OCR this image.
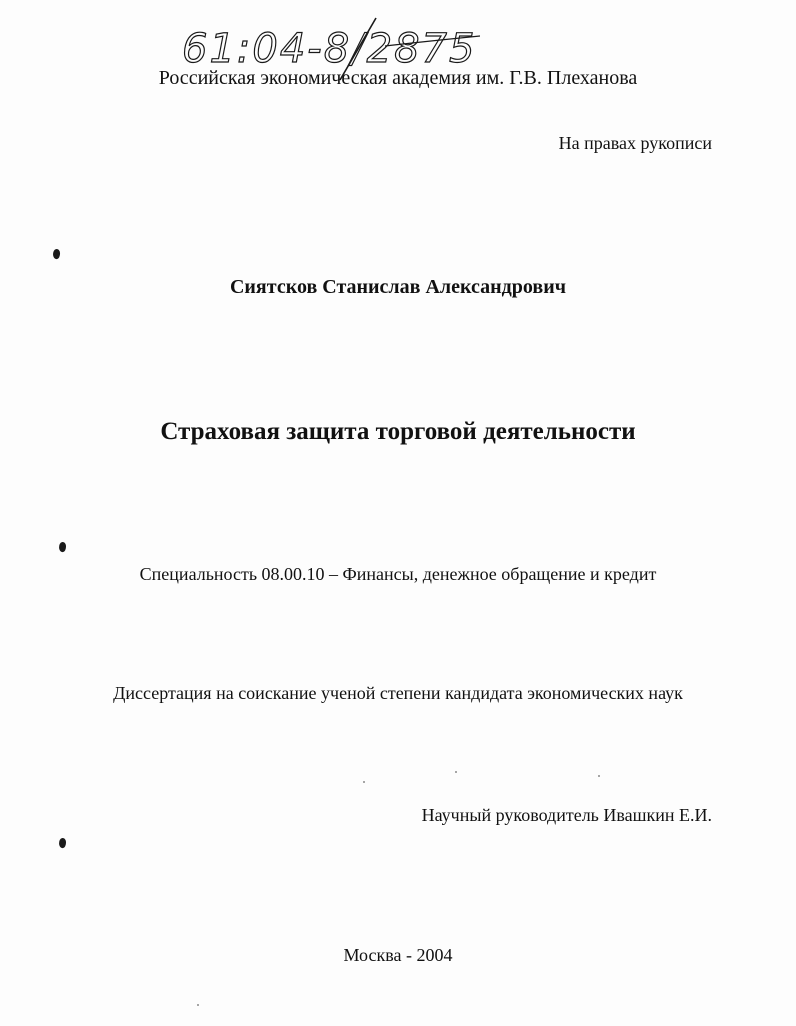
61:04-8/2875
Российская экономическая академия им. Г.В. Плеханова
На правах рукописи
Сиятсков Станислав Александрович
Страховая защита торговой деятельности
Специальность 08.00.10 – Финансы, денежное обращение и кредит
Диссертация на соискание ученой степени кандидата экономических наук
Научный руководитель Ивашкин Е.И.
Москва - 2004
